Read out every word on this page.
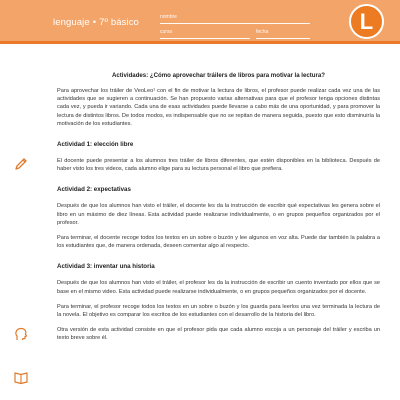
lenguaje • 7º básico	nombre
curso	fecha	L
Actividades: ¿Cómo aprovechar tráilers de libros para motivar la lectura?

Para aprovechar los tráiler de VeoLeo¹ con el fin de motivar la lectura de libros, el profesor puede realizar cada vez una de las actividades que se sugieren a continuación. Se han propuesto varias alternativas para que el profesor tenga opciones distintas cada vez, y pueda ir variando. Cada una de esas actividades puede llevarse a cabo más de una oportunidad, y para promover la lectura de distintos libros. De todos modos, es indispensable que no se repitan de manera seguida, puesto que esto disminuiría la motivación de los estudiantes.

Actividad 1: elección libre

El docente puede presentar a los alumnos tres tráiler de libros diferentes, que estén disponibles en la biblioteca. Después de haber visto los tres videos, cada alumno elige para su lectura personal el libro que prefiera.

Actividad 2: expectativas

Después de que los alumnos han visto el tráiler, el docente les da la instrucción de escribir qué expectativas les genera sobre el libro en un máximo de diez líneas. Esta actividad puede realizarse individualmente, o en grupos pequeños organizados por el profesor.

Para terminar, el docente recoge todos los textos en un sobre o buzón y lee algunos en voz alta. Puede dar también la palabra a los estudiantes que, de manera ordenada, deseen comentar algo al respecto.

Actividad 3: inventar una historia

Después de que los alumnos han visto el tráiler, el profesor les da la instrucción de escribir un cuento inventado por ellos que se base en el mismo video. Esta actividad puede realizarse individualmente, o en grupos pequeños organizados por el docente.

Para terminar, el profesor recoge todos los textos en un sobre o buzón y los guarda para leerlos una vez terminada la lectura de la novela. El objetivo es comparar los escritos de los estudiantes con el desarrollo de la historia del libro.

Otra versión de esta actividad consiste en que el profesor pida que cada alumno escoja a un personaje del tráiler y escriba un texto breve sobre él.
